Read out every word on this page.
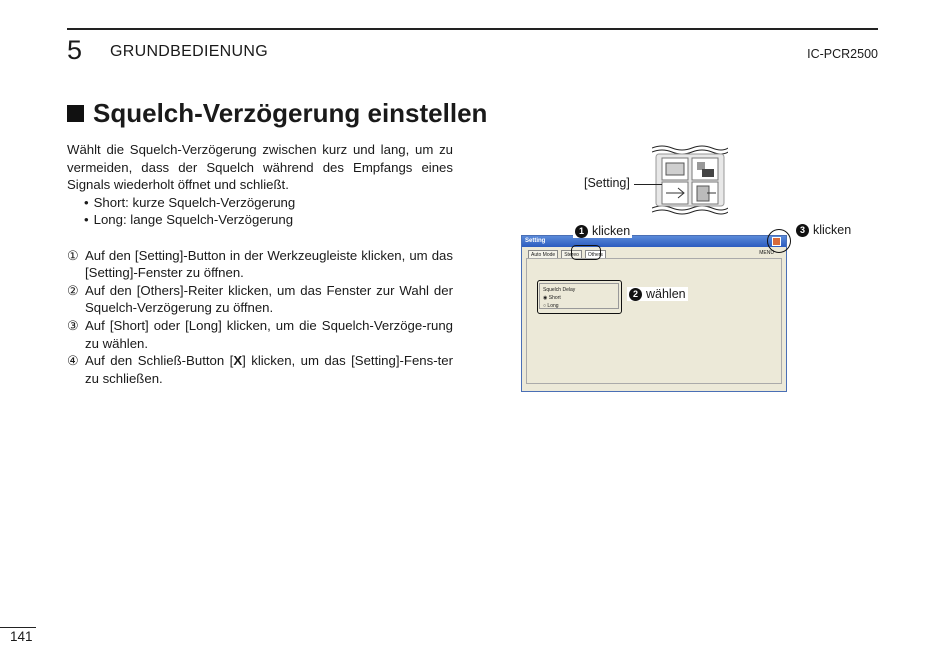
5 GRUNDBEDIENUNG	IC-PCR2500
Squelch-Verzögerung einstellen

Wählt die Squelch-Verzögerung zwischen kurz und lang, um zu vermeiden, dass der Squelch während des Empfangs eines Signals wiederholt öffnet und schließt.

• Short: kurze Squelch-Verzögerung
• Long: lange Squelch-Verzögerung
① Auf den [Setting]-Button in der Werkzeugleiste klicken, um das [Setting]-Fenster zu öffnen.
② Auf den [Others]-Reiter klicken, um das Fenster zur Wahl der Squelch-Verzögerung zu öffnen.
③ Auf [Short] oder [Long] klicken, um die Squelch-Verzöge-rung zu wählen.
④ Auf den Schließ-Button [X] klicken, um das [Setting]-Fens-ter zu schließen.
[Setting]
Setting
Auto Mode	Stereo	Others	MENU
Squelch Delay
◉ Short
○ Long
1 klicken
2 wählen
3 klicken
141
